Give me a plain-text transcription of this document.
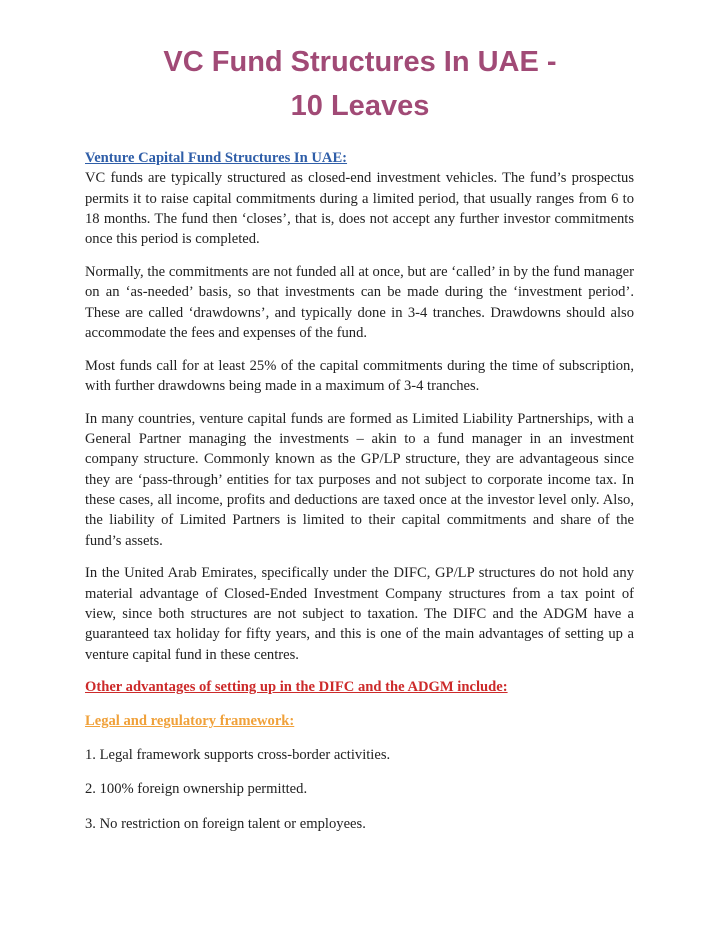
VC Fund Structures In UAE -
10 Leaves
Venture Capital Fund Structures In UAE:

VC funds are typically structured as closed-end investment vehicles. The fund’s prospectus permits it to raise capital commitments during a limited period, that usually ranges from 6 to 18 months. The fund then ‘closes’, that is, does not accept any further investor commitments once this period is completed.

Normally, the commitments are not funded all at once, but are ‘called’ in by the fund manager on an ‘as-needed’ basis, so that investments can be made during the ‘investment period’. These are called ‘drawdowns’, and typically done in 3-4 tranches. Drawdowns should also accommodate the fees and expenses of the fund.

Most funds call for at least 25% of the capital commitments during the time of subscription, with further drawdowns being made in a maximum of 3-4 tranches.

In many countries, venture capital funds are formed as Limited Liability Partnerships, with a General Partner managing the investments – akin to a fund manager in an investment company structure. Commonly known as the GP/LP structure, they are advantageous since they are ‘pass-through’ entities for tax purposes and not subject to corporate income tax. In these cases, all income, profits and deductions are taxed once at the investor level only. Also, the liability of Limited Partners is limited to their capital commitments and share of the fund’s assets.

In the United Arab Emirates, specifically under the DIFC, GP/LP structures do not hold any material advantage of Closed-Ended Investment Company structures from a tax point of view, since both structures are not subject to taxation. The DIFC and the ADGM have a guaranteed tax holiday for fifty years, and this is one of the main advantages of setting up a venture capital fund in these centres.

Other advantages of setting up in the DIFC and the ADGM include:
Legal and regulatory framework:
1. Legal framework supports cross-border activities.
2. 100% foreign ownership permitted.
3. No restriction on foreign talent or employees.
